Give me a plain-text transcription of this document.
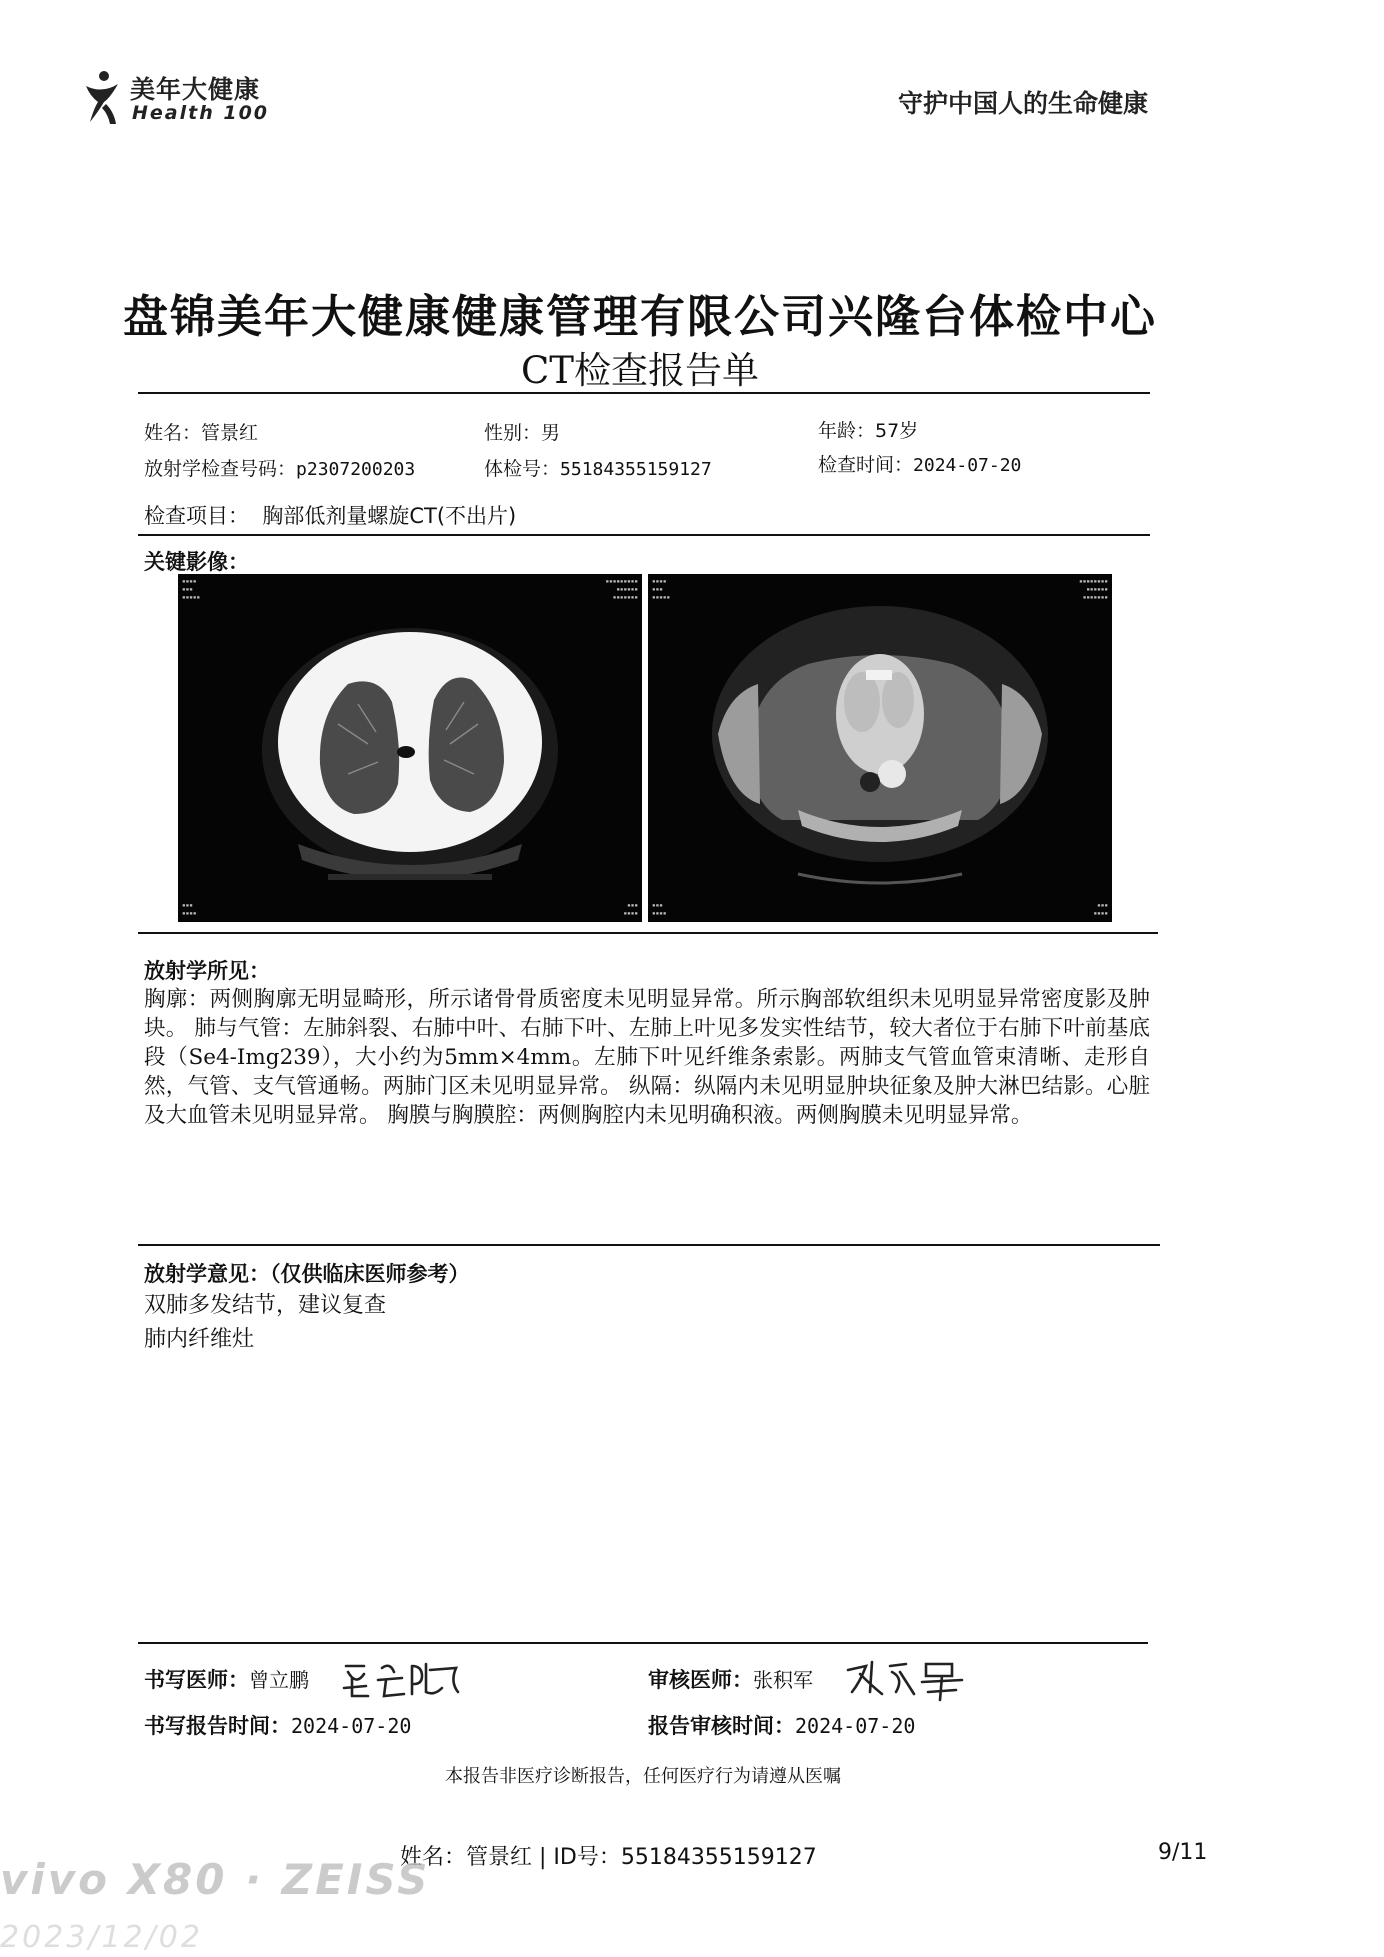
美年大健康
Health 100	守护中国人的生命健康
盘锦美年大健康健康管理有限公司兴隆台体检中心
CT检查报告单
姓名：管景红	性别：男	年龄：57岁
放射学检查号码：p2307200203	体检号：55184355159127	检查时间：2024-07-20
检查项目： 胸部低剂量螺旋CT(不出片)
关键影像：
▪▪▪▪
▪▪▪
▪▪▪▪▪
▪▪▪▪▪▪▪▪▪
▪▪▪▪▪▪
▪▪▪▪▪▪▪
▪▪▪
▪▪▪▪
▪▪▪
▪▪▪▪
▪▪▪▪
▪▪▪
▪▪▪▪▪
▪▪▪▪▪▪▪▪
▪▪▪▪▪▪
▪▪▪▪▪▪▪
▪▪▪
▪▪▪▪
▪▪▪
▪▪▪▪
放射学所见：
胸廓：两侧胸廓无明显畸形，所示诸骨骨质密度未见明显异常。所示胸部软组织未见明显异常密度影及肿块。 肺与气管：左肺斜裂、右肺中叶、右肺下叶、左肺上叶见多发实性结节，较大者位于右肺下叶前基底段（Se4-Img239），大小约为5mm×4mm。左肺下叶见纤维条索影。两肺支气管血管束清晰、走形自然，气管、支气管通畅。两肺门区未见明显异常。 纵隔：纵隔内未见明显肿块征象及肿大淋巴结影。心脏及大血管未见明显异常。 胸膜与胸膜腔：两侧胸腔内未见明确积液。两侧胸膜未见明显异常。
放射学意见：（仅供临床医师参考）
双肺多发结节，建议复查
肺内纤维灶
书写医师：曾立鹏	审核医师：张积军
书写报告时间：2024-07-20	报告审核时间：2024-07-20
本报告非医疗诊断报告，任何医疗行为请遵从医嘱
姓名：管景红 | ID号：55184355159127	9/11
vivo X80 · ZEISS
2023/12/02
